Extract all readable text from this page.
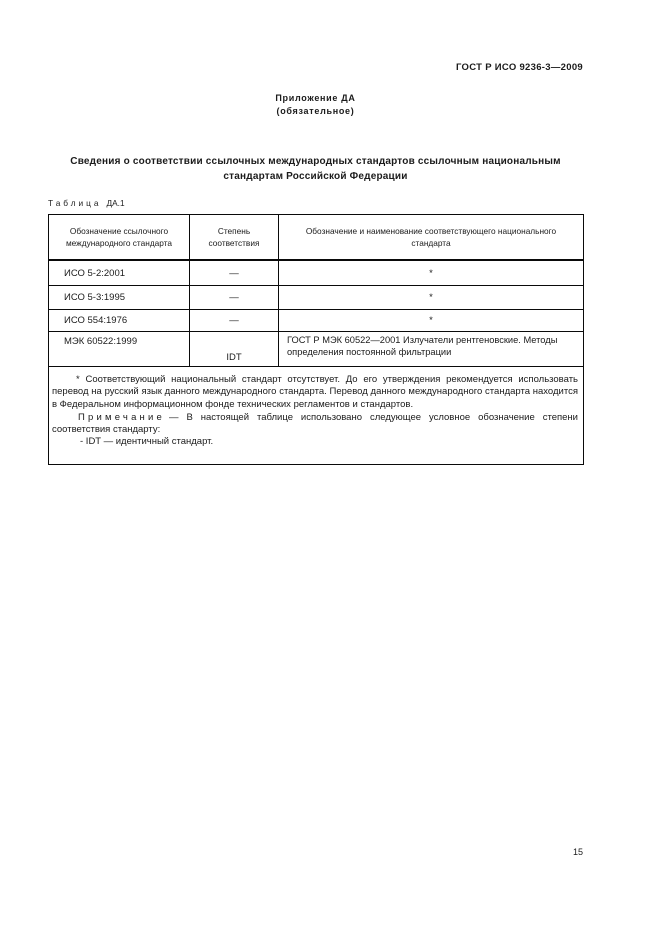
ГОСТ Р ИСО 9236-3—2009
Приложение ДА
(обязательное)
Сведения о соответствии ссылочных международных стандартов ссылочным национальным
стандартам Российской Федерации
Таблица ДА.1
Обозначение ссылочного международного стандарта	Степень соответствия	Обозначение и наименование соответствующего национального стандарта
ИСО 5-2:2001	—	*
ИСО 5-3:1995	—	*
ИСО 554:1976	—	*
МЭК 60522:1999	IDT	ГОСТ Р МЭК 60522—2001 Излучатели рентгеновские. Методы определения постоянной фильтрации

* Соответствующий национальный стандарт отсутствует. До его утверждения рекомендуется использовать перевод на русский язык данного международного стандарта. Перевод данного международного стандарта находится в Федеральном информационном фонде технических регламентов и стандартов.

Примечание — В настоящей таблице использовано следующее условное обозначение степени соответствия стандарту:

- IDT — идентичный стандарт.		
15
